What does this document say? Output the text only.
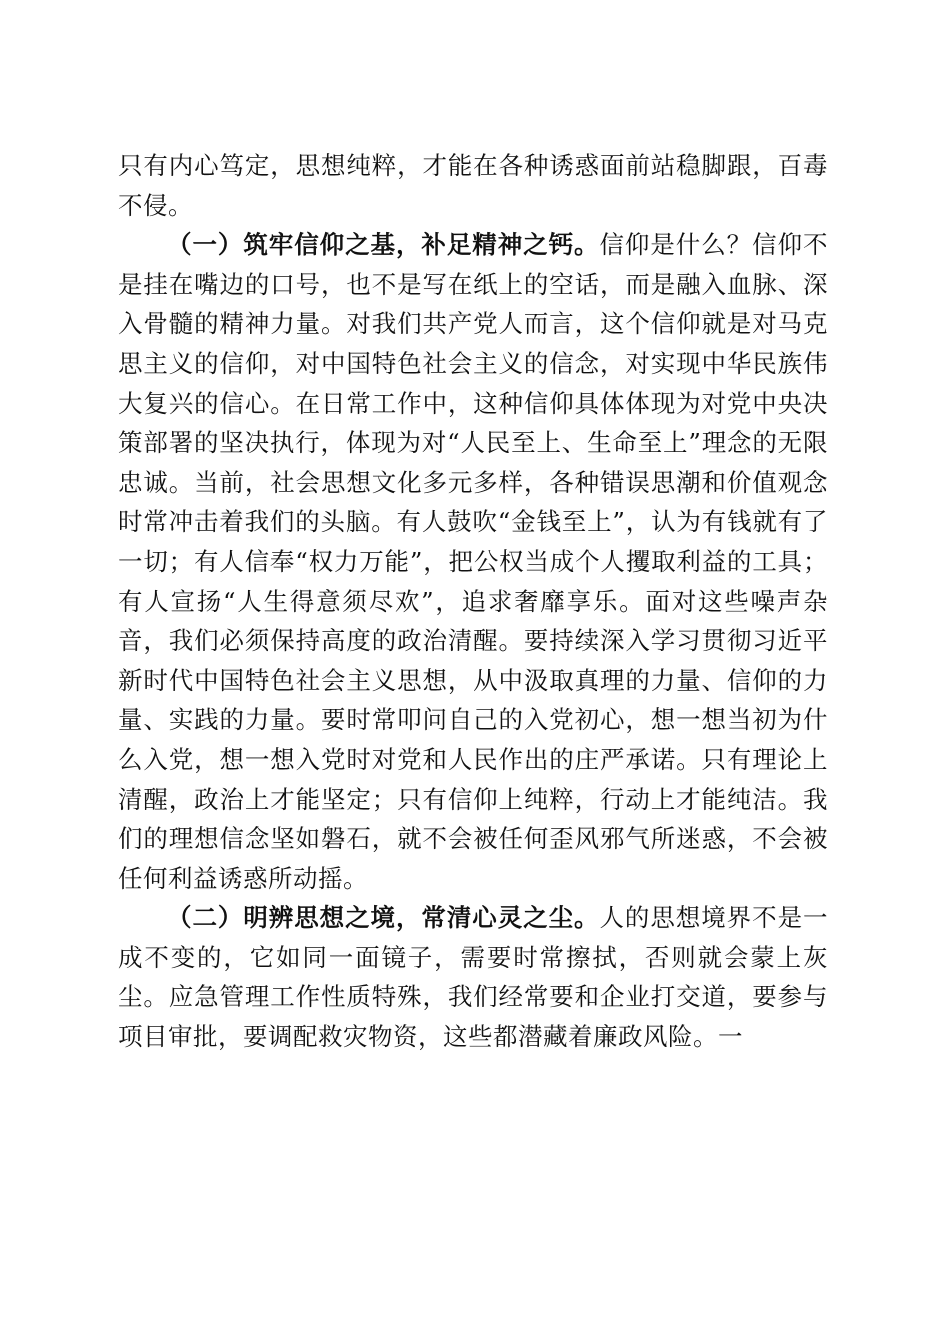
只有内心笃定，思想纯粹，才能在各种诱惑面前站稳脚跟，百毒不侵。

（一）筑牢信仰之基，补足精神之钙。信仰是什么？信仰不是挂在嘴边的口号，也不是写在纸上的空话，而是融入血脉、深入骨髓的精神力量。对我们共产党人而言，这个信仰就是对马克思主义的信仰，对中国特色社会主义的信念，对实现中华民族伟大复兴的信心。在日常工作中，这种信仰具体体现为对党中央决策部署的坚决执行，体现为对“人民至上、生命至上”理念的无限忠诚。当前，社会思想文化多元多样，各种错误思潮和价值观念时常冲击着我们的头脑。有人鼓吹“金钱至上”，认为有钱就有了一切；有人信奉“权力万能”，把公权当成个人攫取利益的工具；有人宣扬“人生得意须尽欢”，追求奢靡享乐。面对这些噪声杂音，我们必须保持高度的政治清醒。要持续深入学习贯彻习近平新时代中国特色社会主义思想，从中汲取真理的力量、信仰的力量、实践的力量。要时常叩问自己的入党初心，想一想当初为什么入党，想一想入党时对党和人民作出的庄严承诺。只有理论上清醒，政治上才能坚定；只有信仰上纯粹，行动上才能纯洁。我们的理想信念坚如磐石，就不会被任何歪风邪气所迷惑，不会被任何利益诱惑所动摇。

（二）明辨思想之境，常清心灵之尘。人的思想境界不是一成不变的，它如同一面镜子，需要时常擦拭，否则就会蒙上灰尘。应急管理工作性质特殊，我们经常要和企业打交道，要参与项目审批，要调配救灾物资，这些都潜藏着廉政风险。一
